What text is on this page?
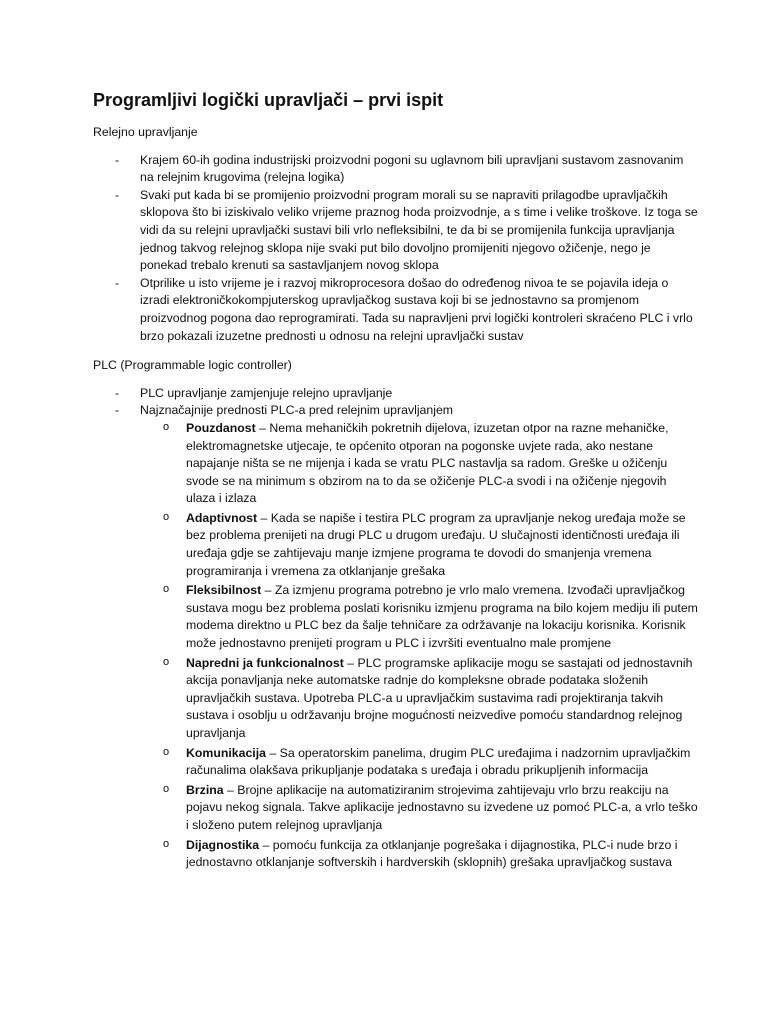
Programljivi logički upravljači – prvi ispit
Relejno upravljanje
- Krajem 60-ih godina industrijski proizvodni pogoni su uglavnom bili upravljani sustavom zasnovanim na relejnim krugovima (relejna logika)
- Svaki put kada bi se promijenio proizvodni program morali su se napraviti prilagodbe upravljačkih sklopova što bi iziskivalo veliko vrijeme praznog hoda proizvodnje, a s time i velike troškove. Iz toga se vidi da su relejni upravljački sustavi bili vrlo nefleksibilni, te da bi se promijenila funkcija upravljanja jednog takvog relejnog sklopa nije svaki put bilo dovoljno promijeniti njegovo ožičenje, nego je ponekad trebalo krenuti sa sastavljanjem novog sklopa
- Otprilike u isto vrijeme je i razvoj mikroprocesora došao do određenog nivoa te se pojavila ideja o izradi elektroničkokompjuterskog upravljačkog sustava koji bi se jednostavno sa promjenom proizvodnog pogona dao reprogramirati. Tada su napravljeni prvi logički kontroleri skraćeno PLC i vrlo brzo pokazali izuzetne prednosti u odnosu na relejni upravljački sustav
PLC (Programmable logic controller)
- PLC upravljanje zamjenjuje relejno upravljanje
- Najznačajnije prednosti PLC-a pred relejnim upravljanjem
o Pouzdanost – Nema mehaničkih pokretnih dijelova, izuzetan otpor na razne mehaničke, elektromagnetske utjecaje, te općenito otporan na pogonske uvjete rada, ako nestane napajanje ništa se ne mijenja i kada se vratu PLC nastavlja sa radom. Greške u ožičenju svode se na minimum s obzirom na to da se ožičenje PLC-a svodi i na ožičenje njegovih ulaza i izlaza
o Adaptivnost – Kada se napiše i testira PLC program za upravljanje nekog uređaja može se bez problema prenijeti na drugi PLC u drugom uređaju. U slučajnosti identičnosti uređaja ili uređaja gdje se zahtijevaju manje izmjene programa te dovodi do smanjenja vremena programiranja i vremena za otklanjanje grešaka
o Fleksibilnost – Za izmjenu programa potrebno je vrlo malo vremena. Izvođači upravljačkog sustava mogu bez problema poslati korisniku izmjenu programa na bilo kojem mediju ili putem modema direktno u PLC bez da šalje tehničare za održavanje na lokaciju korisnika. Korisnik može jednostavno prenijeti program u PLC i izvršiti eventualno male promjene
o Napredni ja funkcionalnost – PLC programske aplikacije mogu se sastajati od jednostavnih akcija ponavljanja neke automatske radnje do kompleksne obrade podataka složenih upravljačkih sustava. Upotreba PLC-a u upravljačkim sustavima radi projektiranja takvih sustava i osoblju u održavanju brojne mogućnosti neizvedive pomoću standardnog relejnog upravljanja
o Komunikacija – Sa operatorskim panelima, drugim PLC uređajima i nadzornim upravljačkim računalima olakšava prikupljanje podataka s uređaja i obradu prikupljenih informacija
o Brzina – Brojne aplikacije na automatiziranim strojevima zahtijevaju vrlo brzu reakciju na pojavu nekog signala. Takve aplikacije jednostavno su izvedene uz pomoć PLC-a, a vrlo teško i složeno putem relejnog upravljanja
o Dijagnostika – pomoću funkcija za otklanjanje pogrešaka i dijagnostika, PLC-i nude brzo i jednostavno otklanjanje softverskih i hardverskih (sklopnih) grešaka upravljačkog sustava
